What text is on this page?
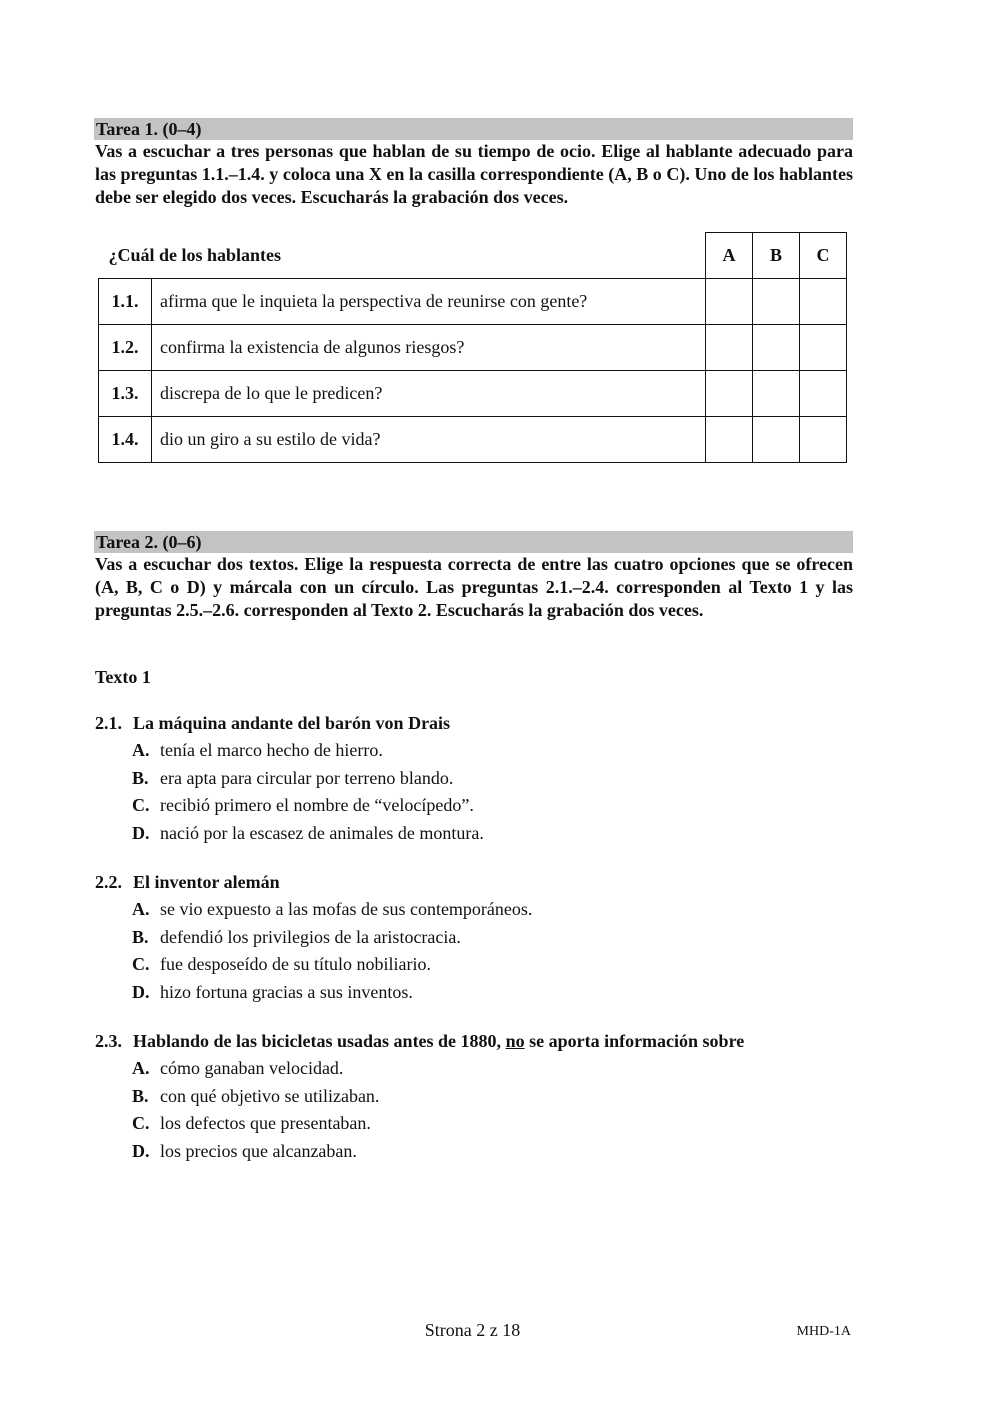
Tarea 1. (0–4)
Vas a escuchar a tres personas que hablan de su tiempo de ocio. Elige al hablante adecuado para las preguntas 1.1.–1.4. y coloca una X en la casilla correspondiente (A, B o C). Uno de los hablantes debe ser elegido dos veces. Escucharás la grabación dos veces.
¿Cuál de los hablantes		A	B	C
1.1.	afirma que le inquieta la perspectiva de reunirse con gente?			
1.2.	confirma la existencia de algunos riesgos?			
1.3.	discrepa de lo que le predicen?			
1.4.	dio un giro a su estilo de vida?			
Tarea 2. (0–6)
Vas a escuchar dos textos. Elige la respuesta correcta de entre las cuatro opciones que se ofrecen (A, B, C o D) y márcala con un círculo. Las preguntas 2.1.–2.4. corresponden al Texto 1 y las preguntas 2.5.–2.6. corresponden al Texto 2. Escucharás la grabación dos veces.
Texto 1
2.1. La máquina andante del barón von Drais
A. tenía el marco hecho de hierro.
B. era apta para circular por terreno blando.
C. recibió primero el nombre de “velocípedo”.
D. nació por la escasez de animales de montura.
2.2. El inventor alemán
A. se vio expuesto a las mofas de sus contemporáneos.
B. defendió los privilegios de la aristocracia.
C. fue desposeído de su título nobiliario.
D. hizo fortuna gracias a sus inventos.
2.3. Hablando de las bicicletas usadas antes de 1880, no se aporta información sobre
A. cómo ganaban velocidad.
B. con qué objetivo se utilizaban.
C. los defectos que presentaban.
D. los precios que alcanzaban.
Strona 2 z 18	MHD-1A
